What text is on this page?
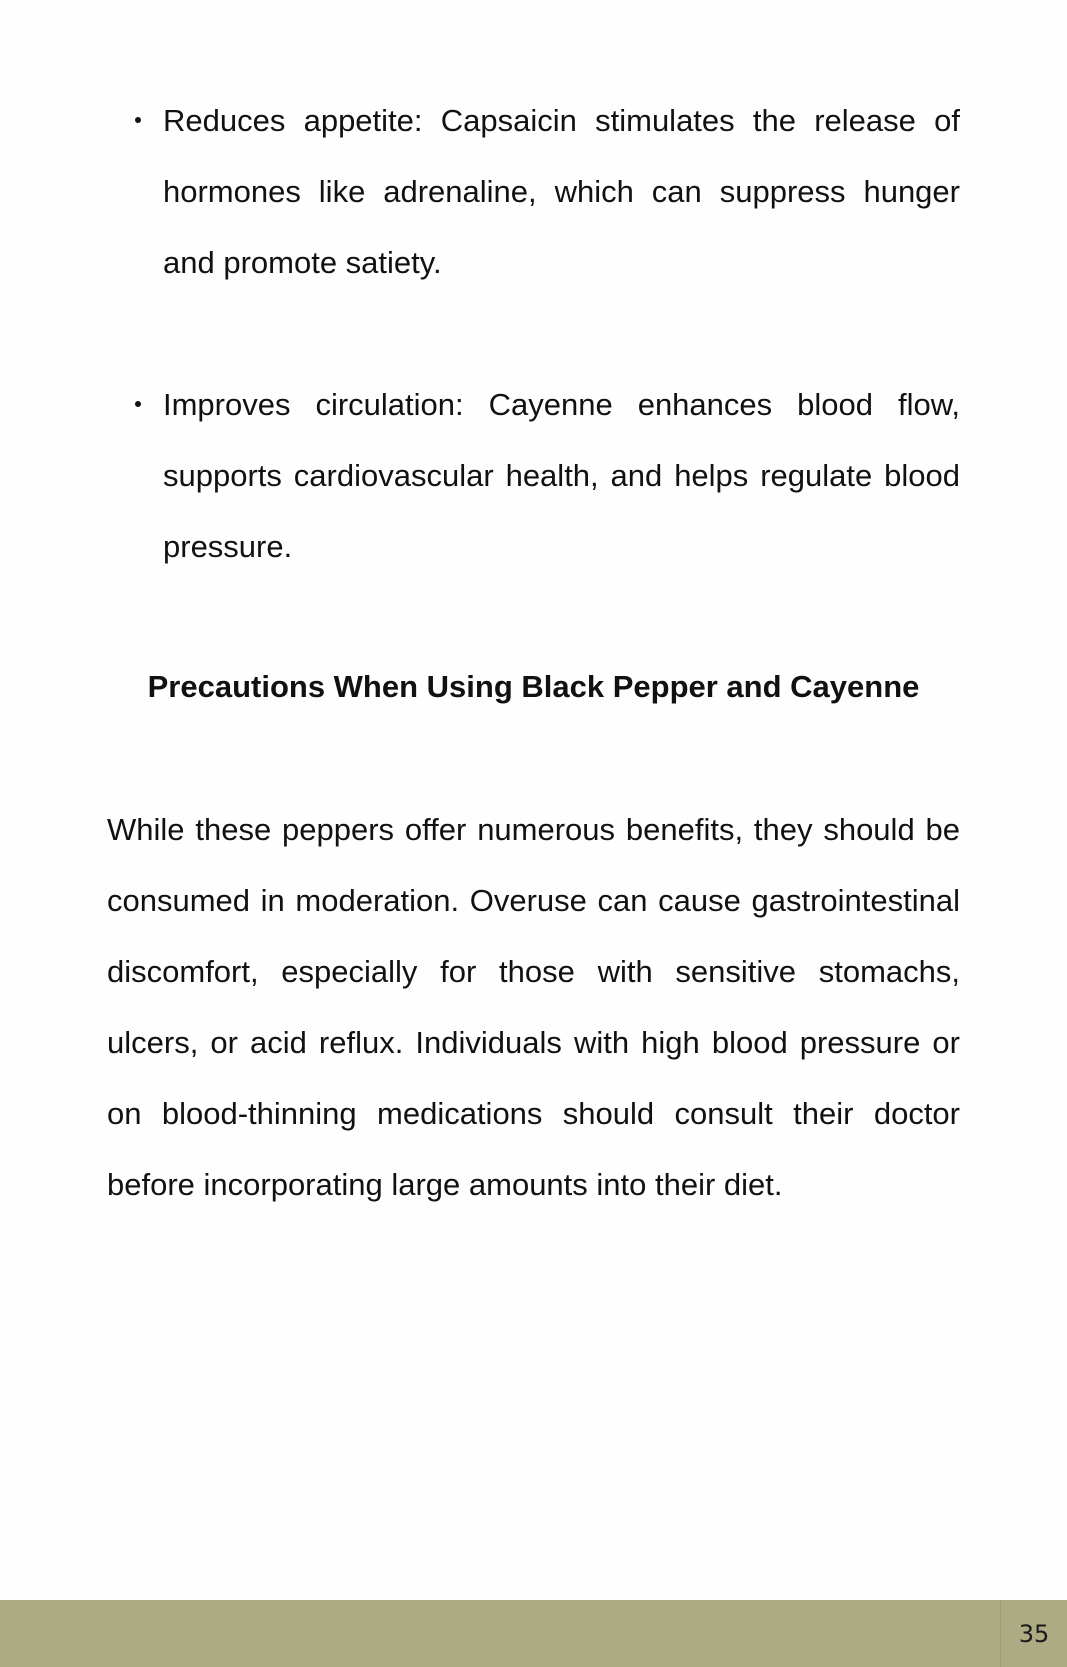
Reduces appetite: Capsaicin stimulates the release of hormones like adrenaline, which can suppress hunger and promote satiety.
Improves circulation: Cayenne enhances blood flow, supports cardiovascular health, and helps regulate blood pressure.
Precautions When Using Black Pepper and Cayenne

While these peppers offer numerous benefits, they should be consumed in moderation. Overuse can cause gastrointestinal discomfort, especially for those with sensitive stomachs, ulcers, or acid reflux. Individuals with high blood pressure or on blood-thinning medications should consult their doctor before incorporating large amounts into their diet.

35
